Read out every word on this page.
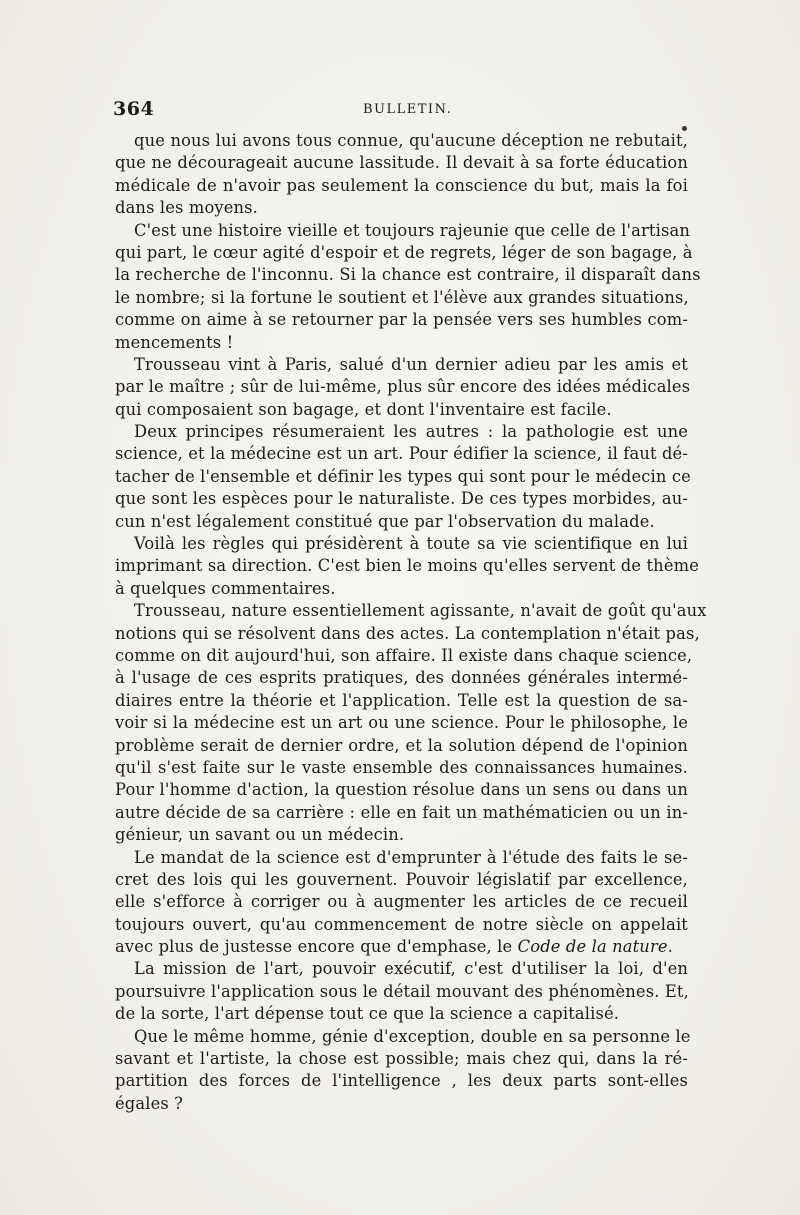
364	BULLETIN.
que nous lui avons tous connue, qu'aucune déception ne rebutait,
que ne décourageait aucune lassitude. Il devait à sa forte éducation
médicale de n'avoir pas seulement la conscience du but, mais la foi
dans les moyens.
C'est une histoire vieille et toujours rajeunie que celle de l'artisan
qui part, le cœur agité d'espoir et de regrets, léger de son bagage, à
la recherche de l'inconnu. Si la chance est contraire, il disparaît dans
le nombre; si la fortune le soutient et l'élève aux grandes situations,
comme on aime à se retourner par la pensée vers ses humbles com-
mencements !
Trousseau vint à Paris, salué d'un dernier adieu par les amis et
par le maître ; sûr de lui-même, plus sûr encore des idées médicales
qui composaient son bagage, et dont l'inventaire est facile.
Deux principes résumeraient les autres : la pathologie est une
science, et la médecine est un art. Pour édifier la science, il faut dé-
tacher de l'ensemble et définir les types qui sont pour le médecin ce
que sont les espèces pour le naturaliste. De ces types morbides, au-
cun n'est légalement constitué que par l'observation du malade.
Voilà les règles qui présidèrent à toute sa vie scientifique en lui
imprimant sa direction. C'est bien le moins qu'elles servent de thème
à quelques commentaires.
Trousseau, nature essentiellement agissante, n'avait de goût qu'aux
notions qui se résolvent dans des actes. La contemplation n'était pas,
comme on dit aujourd'hui, son affaire. Il existe dans chaque science,
à l'usage de ces esprits pratiques, des données générales intermé-
diaires entre la théorie et l'application. Telle est la question de sa-
voir si la médecine est un art ou une science. Pour le philosophe, le
problème serait de dernier ordre, et la solution dépend de l'opinion
qu'il s'est faite sur le vaste ensemble des connaissances humaines.
Pour l'homme d'action, la question résolue dans un sens ou dans un
autre décide de sa carrière : elle en fait un mathématicien ou un in-
génieur, un savant ou un médecin.
Le mandat de la science est d'emprunter à l'étude des faits le se-
cret des lois qui les gouvernent. Pouvoir législatif par excellence,
elle s'efforce à corriger ou à augmenter les articles de ce recueil
toujours ouvert, qu'au commencement de notre siècle on appelait
avec plus de justesse encore que d'emphase, le Code de la nature.
La mission de l'art, pouvoir exécutif, c'est d'utiliser la loi, d'en
poursuivre l'application sous le détail mouvant des phénomènes. Et,
de la sorte, l'art dépense tout ce que la science a capitalisé.
Que le même homme, génie d'exception, double en sa personne le
savant et l'artiste, la chose est possible; mais chez qui, dans la ré-
partition des forces de l'intelligence , les deux parts sont-elles
égales ?
